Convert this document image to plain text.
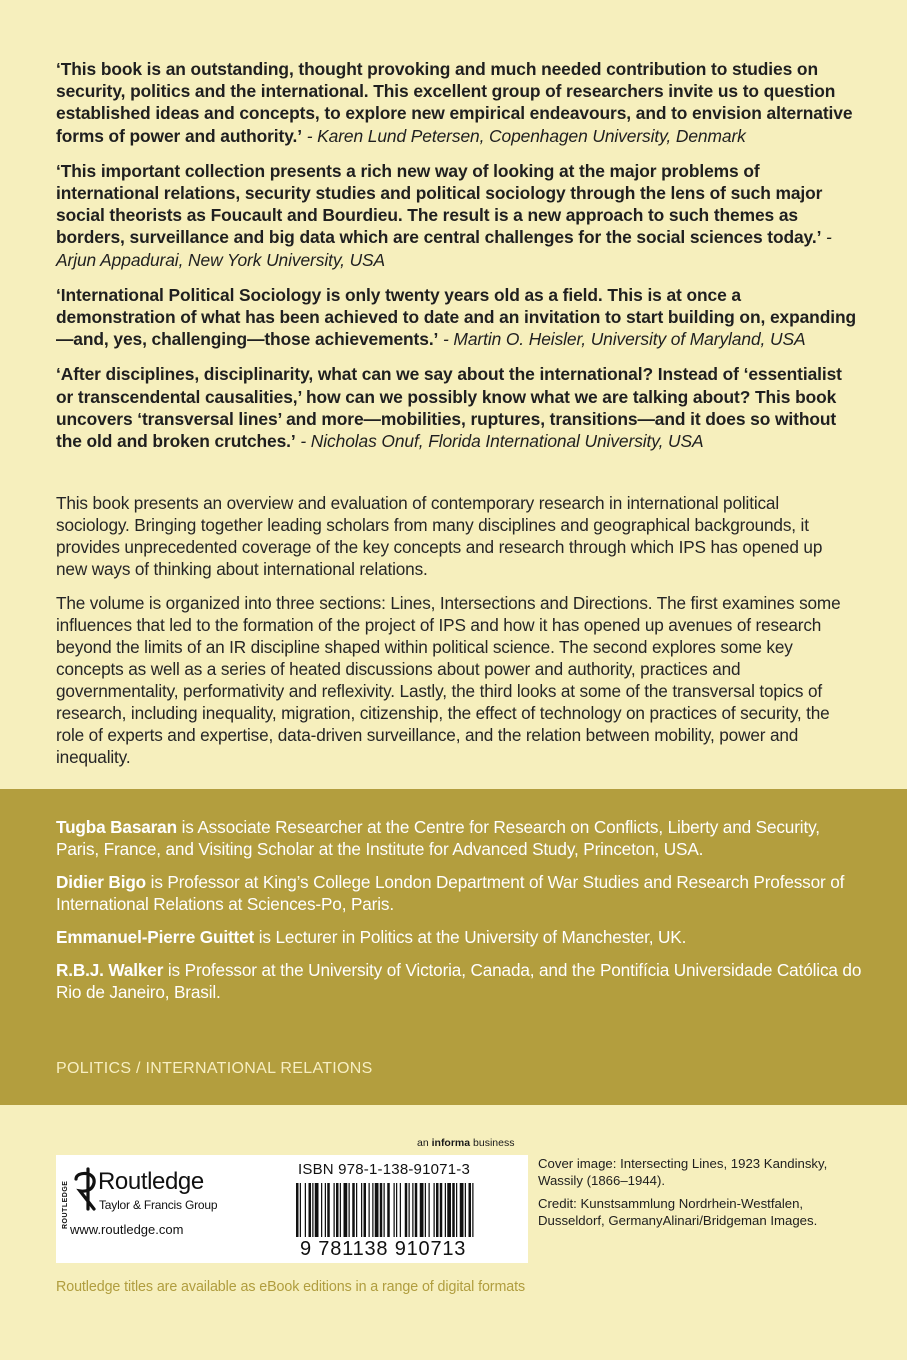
‘This book is an outstanding, thought provoking and much needed contribution to studies on security, politics and the international. This excellent group of researchers invite us to question established ideas and concepts, to explore new empirical endeavours, and to envision alternative forms of power and authority.’ - Karen Lund Petersen, Copenhagen University, Denmark

‘This important collection presents a rich new way of looking at the major problems of international relations, security studies and political sociology through the lens of such major social theorists as Foucault and Bourdieu. The result is a new approach to such themes as borders, surveillance and big data which are central challenges for the social sciences today.’ - Arjun Appadurai, New York University, USA

‘International Political Sociology is only twenty years old as a field. This is at once a demonstration of what has been achieved to date and an invitation to start building on, expanding—and, yes, challenging—those achievements.’ - Martin O. Heisler, University of Maryland, USA

‘After disciplines, disciplinarity, what can we say about the international? Instead of ‘essentialist or transcendental causalities,’ how can we possibly know what we are talking about? This book uncovers ‘transversal lines’ and more—mobilities, ruptures, transitions—and it does so without the old and broken crutches.’ - Nicholas Onuf, Florida International University, USA

This book presents an overview and evaluation of contemporary research in international political sociology. Bringing together leading scholars from many disciplines and geographical backgrounds, it provides unprecedented coverage of the key concepts and research through which IPS has opened up new ways of thinking about international relations.

The volume is organized into three sections: Lines, Intersections and Directions. The first examines some influences that led to the formation of the project of IPS and how it has opened up avenues of research beyond the limits of an IR discipline shaped within political science. The second explores some key concepts as well as a series of heated discussions about power and authority, practices and governmentality, performativity and reflexivity. Lastly, the third looks at some of the transversal topics of research, including inequality, migration, citizenship, the effect of technology on practices of security, the role of experts and expertise, data-driven surveillance, and the relation between mobility, power and inequality.

Tugba Basaran is Associate Researcher at the Centre for Research on Conflicts, Liberty and Security, Paris, France, and Visiting Scholar at the Institute for Advanced Study, Princeton, USA.

Didier Bigo is Professor at King’s College London Department of War Studies and Research Professor of International Relations at Sciences-Po, Paris.

Emmanuel-Pierre Guittet is Lecturer in Politics at the University of Manchester, UK.

R.B.J. Walker is Professor at the University of Victoria, Canada, and the Pontifícia Universidade Católica do Rio de Janeiro, Brasil.

POLITICS / INTERNATIONAL RELATIONS
an informa business
ROUTLEDGE Routledge
Taylor & Francis Group
www.routledge.com
ISBN 978-1-138-91071-3
9 781138 910713

Cover image: Intersecting Lines, 1923 Kandinsky, Wassily (1866–1944).

Credit: Kunstsammlung Nordrhein-Westfalen, Dusseldorf, GermanyAlinari/Bridgeman Images.

Routledge titles are available as eBook editions in a range of digital formats
